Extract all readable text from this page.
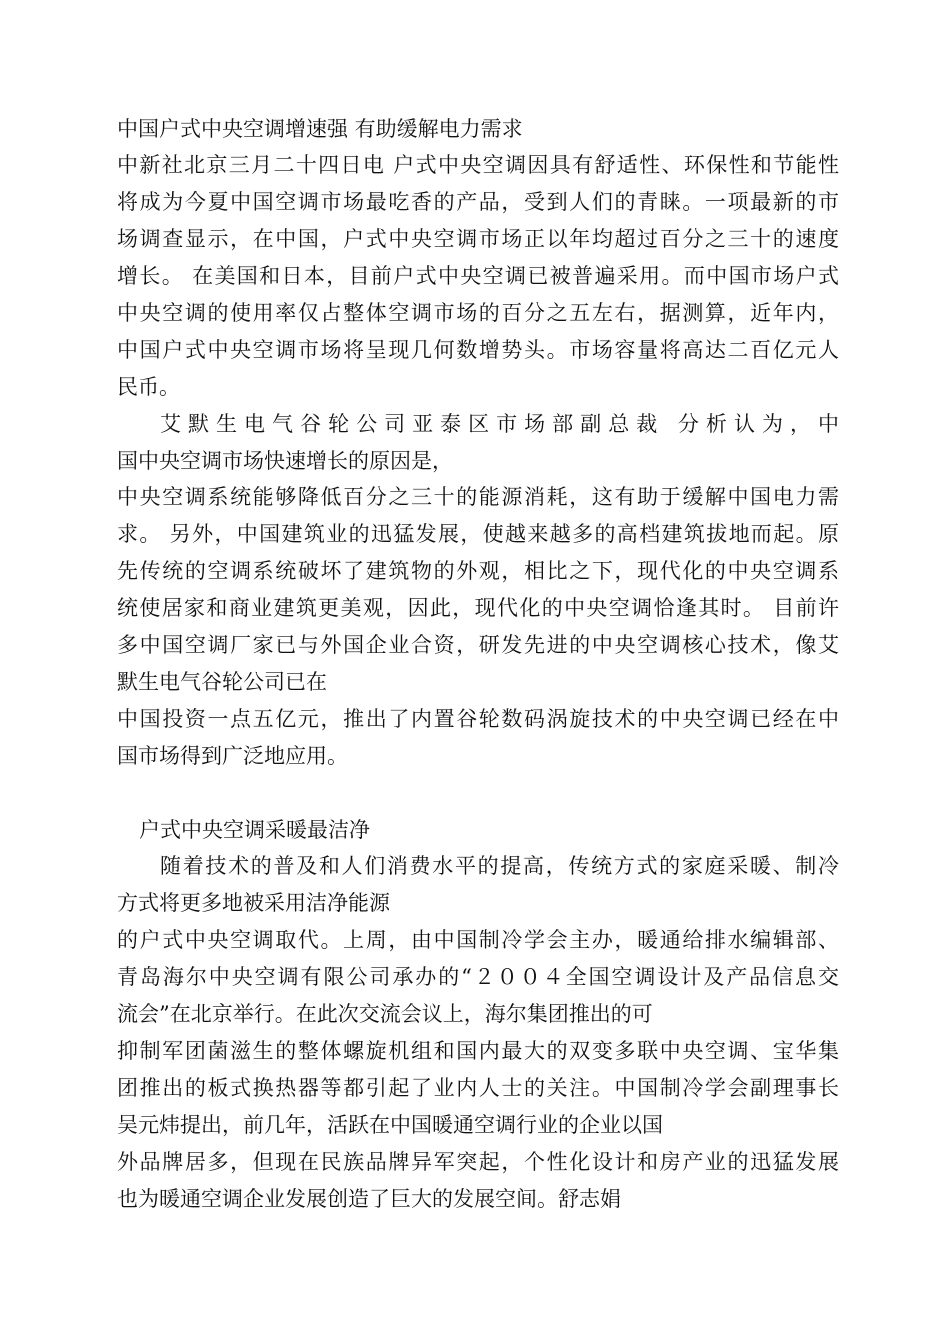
中国户式中央空调增速强 有助缓解电力需求
中新社北京三月二十四日电 户式中央空调因具有舒适性、环保性和节能性
将成为今夏中国空调市场最吃香的产品，受到人们的青睐。一项最新的市
场调查显示，在中国，户式中央空调市场正以年均超过百分之三十的速度
增长。 在美国和日本，目前户式中央空调已被普遍采用。而中国市场户式
中央空调的使用率仅占整体空调市场的百分之五左右，据测算，近年内，
中国户式中央空调市场将呈现几何数增势头。市场容量将高达二百亿元人
民币。
艾默生电气谷轮公司亚泰区市场部副总裁 分析认为，中
国中央空调市场快速增长的原因是，
中央空调系统能够降低百分之三十的能源消耗，这有助于缓解中国电力需
求。 另外，中国建筑业的迅猛发展，使越来越多的高档建筑拔地而起。原
先传统的空调系统破坏了建筑物的外观，相比之下，现代化的中央空调系
统使居家和商业建筑更美观，因此，现代化的中央空调恰逢其时。 目前许
多中国空调厂家已与外国企业合资，研发先进的中央空调核心技术，像艾
默生电气谷轮公司已在
中国投资一点五亿元，推出了内置谷轮数码涡旋技术的中央空调已经在中
国市场得到广泛地应用。
户式中央空调采暖最洁净
随着技术的普及和人们消费水平的提高，传统方式的家庭采暖、制冷
方式将更多地被采用洁净能源
的户式中央空调取代。上周，由中国制冷学会主办，暖通给排水编辑部、
青岛海尔中央空调有限公司承办的“２００４全国空调设计及产品信息交
流会”在北京举行。在此次交流会议上，海尔集团推出的可
抑制军团菌滋生的整体螺旋机组和国内最大的双变多联中央空调、宝华集
团推出的板式换热器等都引起了业内人士的关注。中国制冷学会副理事长
吴元炜提出，前几年，活跃在中国暖通空调行业的企业以国
外品牌居多，但现在民族品牌异军突起，个性化设计和房产业的迅猛发展
也为暖通空调企业发展创造了巨大的发展空间。舒志娟
